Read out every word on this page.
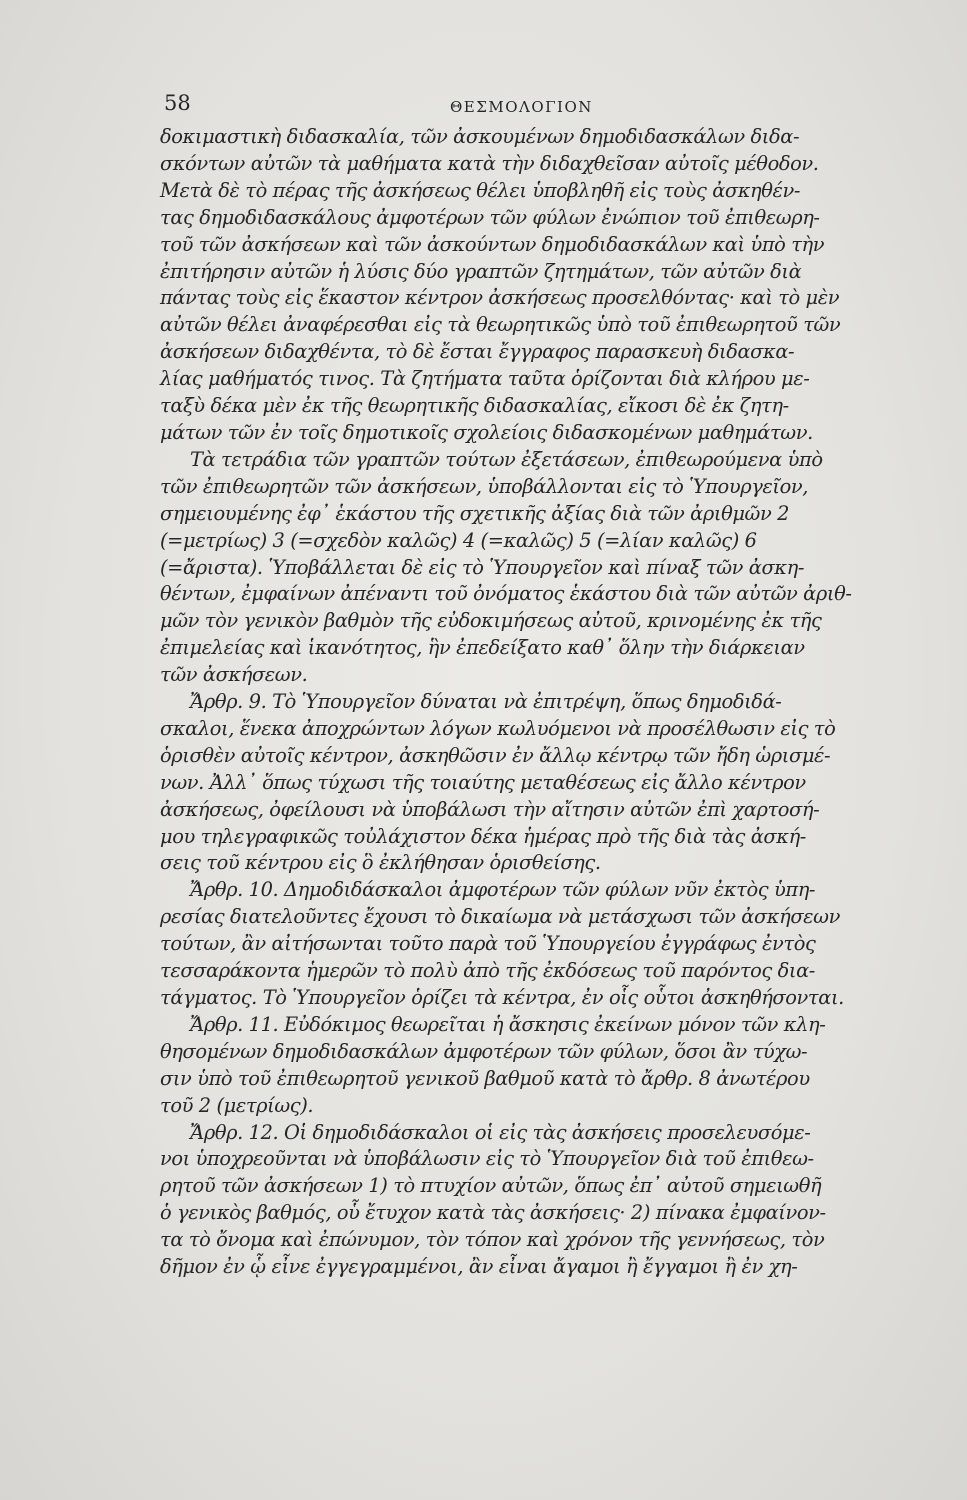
58	ΘΕΣΜΟΛΟΓΙΟΝ
δοκιμαστικὴ διδασκαλία, τῶν ἀσκουμένων δημοδιδασκάλων διδα-
σκόντων αὐτῶν τὰ μαθήματα κατὰ τὴν διδαχθεῖσαν αὐτοῖς μέθοδον.
Μετὰ δὲ τὸ πέρας τῆς ἀσκήσεως θέλει ὑποβληθῆ εἰς τοὺς ἀσκηθέν-
τας δημοδιδασκάλους ἀμφοτέρων τῶν φύλων ἐνώπιον τοῦ ἐπιθεωρη-
τοῦ τῶν ἀσκήσεων καὶ τῶν ἀσκούντων δημοδιδασκάλων καὶ ὑπὸ τὴν
ἐπιτήρησιν αὐτῶν ἡ λύσις δύο γραπτῶν ζητημάτων, τῶν αὐτῶν διὰ
πάντας τοὺς εἰς ἕκαστον κέντρον ἀσκήσεως προσελθόντας· καὶ τὸ μὲν
αὐτῶν θέλει ἀναφέρεσθαι εἰς τὰ θεωρητικῶς ὑπὸ τοῦ ἐπιθεωρητοῦ τῶν
ἀσκήσεων διδαχθέντα, τὸ δὲ ἔσται ἔγγραφος παρασκευὴ διδασκα-
λίας μαθήματός τινος. Τὰ ζητήματα ταῦτα ὁρίζονται διὰ κλήρου με-
ταξὺ δέκα μὲν ἐκ τῆς θεωρητικῆς διδασκαλίας, εἴκοσι δὲ ἐκ ζητη-
μάτων τῶν ἐν τοῖς δημοτικοῖς σχολείοις διδασκομένων μαθημάτων.
Τὰ τετράδια τῶν γραπτῶν τούτων ἐξετάσεων, ἐπιθεωρούμενα ὑπὸ
τῶν ἐπιθεωρητῶν τῶν ἀσκήσεων, ὑποβάλλονται εἰς τὸ Ὑπουργεῖον,
σημειουμένης ἐφ᾽ ἑκάστου τῆς σχετικῆς ἀξίας διὰ τῶν ἀριθμῶν 2
(=μετρίως) 3 (=σχεδὸν καλῶς) 4 (=καλῶς) 5 (=λίαν καλῶς) 6
(=ἄριστα). Ὑποβάλλεται δὲ εἰς τὸ Ὑπουργεῖον καὶ πίναξ τῶν ἀσκη-
θέντων, ἐμφαίνων ἀπέναντι τοῦ ὀνόματος ἑκάστου διὰ τῶν αὐτῶν ἀριθ-
μῶν τὸν γενικὸν βαθμὸν τῆς εὐδοκιμήσεως αὐτοῦ, κρινομένης ἐκ τῆς
ἐπιμελείας καὶ ἱκανότητος, ἣν ἐπεδείξατο καθ᾽ ὅλην τὴν διάρκειαν
τῶν ἀσκήσεων.
Ἄρθρ. 9. Τὸ Ὑπουργεῖον δύναται νὰ ἐπιτρέψη, ὅπως δημοδιδά-
σκαλοι, ἕνεκα ἀποχρώντων λόγων κωλυόμενοι νὰ προσέλθωσιν εἰς τὸ
ὁρισθὲν αὐτοῖς κέντρον, ἀσκηθῶσιν ἐν ἄλλῳ κέντρῳ τῶν ἤδη ὡρισμέ-
νων. Ἀλλ᾽ ὅπως τύχωσι τῆς τοιαύτης μεταθέσεως εἰς ἄλλο κέντρον
ἀσκήσεως, ὀφείλουσι νὰ ὑποβάλωσι τὴν αἴτησιν αὐτῶν ἐπὶ χαρτοσή-
μου τηλεγραφικῶς τοὐλάχιστον δέκα ἡμέρας πρὸ τῆς διὰ τὰς ἀσκή-
σεις τοῦ κέντρου εἰς ὃ ἐκλήθησαν ὁρισθείσης.
Ἄρθρ. 10. Δημοδιδάσκαλοι ἀμφοτέρων τῶν φύλων νῦν ἐκτὸς ὑπη-
ρεσίας διατελοῦντες ἔχουσι τὸ δικαίωμα νὰ μετάσχωσι τῶν ἀσκήσεων
τούτων, ἂν αἰτήσωνται τοῦτο παρὰ τοῦ Ὑπουργείου ἐγγράφως ἐντὸς
τεσσαράκοντα ἡμερῶν τὸ πολὺ ἀπὸ τῆς ἐκδόσεως τοῦ παρόντος δια-
τάγματος. Τὸ Ὑπουργεῖον ὁρίζει τὰ κέντρα, ἐν οἷς οὗτοι ἀσκηθήσονται.
Ἄρθρ. 11. Εὐδόκιμος θεωρεῖται ἡ ἄσκησις ἐκείνων μόνον τῶν κλη-
θησομένων δημοδιδασκάλων ἀμφοτέρων τῶν φύλων, ὅσοι ἂν τύχω-
σιν ὑπὸ τοῦ ἐπιθεωρητοῦ γενικοῦ βαθμοῦ κατὰ τὸ ἄρθρ. 8 ἀνωτέρου
τοῦ 2 (μετρίως).
Ἄρθρ. 12. Οἱ δημοδιδάσκαλοι οἱ εἰς τὰς ἀσκήσεις προσελευσόμε-
νοι ὑποχρεοῦνται νὰ ὑποβάλωσιν εἰς τὸ Ὑπουργεῖον διὰ τοῦ ἐπιθεω-
ρητοῦ τῶν ἀσκήσεων 1) τὸ πτυχίον αὐτῶν, ὅπως ἐπ᾽ αὐτοῦ σημειωθῆ
ὁ γενικὸς βαθμός, οὗ ἔτυχον κατὰ τὰς ἀσκήσεις· 2) πίνακα ἐμφαίνον-
τα τὸ ὄνομα καὶ ἐπώνυμον, τὸν τόπον καὶ χρόνον τῆς γεννήσεως, τὸν
δῆμον ἐν ᾧ εἶνε ἐγγεγραμμένοι, ἂν εἶναι ἄγαμοι ἢ ἔγγαμοι ἢ ἐν χη-
